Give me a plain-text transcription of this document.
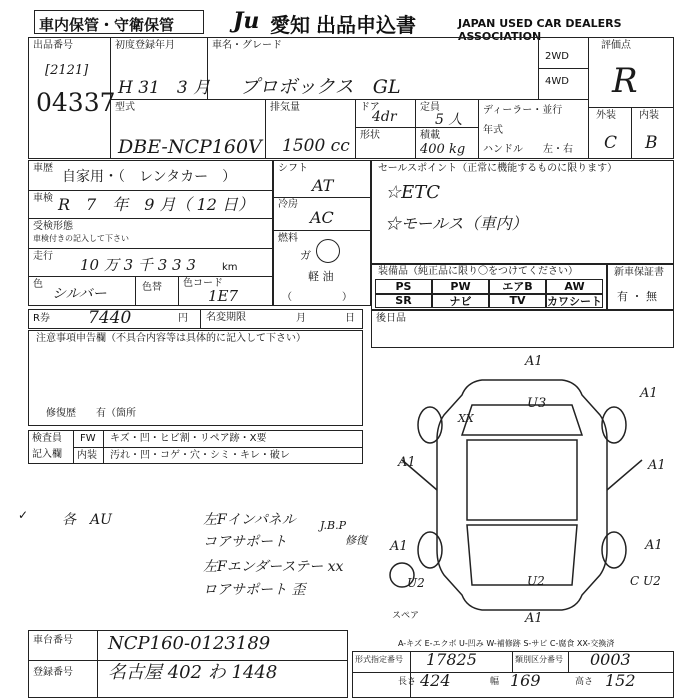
車内保管・守衛保管	Ju 愛知 出品申込書	JAPAN USED CAR DEALERS ASSOCIATION
出品番号
[2121]
04337
初度登録年月
H 31　3 月
車名・グレード
プロボックス　GL
2WD
4WD
型式
DBE-NCP160V
排気量
1500 cc
ドア
4dr
形状
定員
5 人
積載
400 kg
ディーラー・並行
年式
ハンドル 左・右
評価点
R
外装 内装
C B
車歴
自家用・（　レンタカー　）
車検 R　7　年　9 月（ 12 日）
受検形態
車検付きの記入して下さい
走行 10 万 3 千 3 3 3	km
色
シルバー	色替 色コード
1E7
シフト
AT
冷房
AC
燃料
ガ
軽 油
（　　　　　）
セールスポイント（正常に機能するものに限ります）
☆ETC
☆モールス（車内）
装備品（純正品に限り〇をつけてください）
PS	PW	エアB	AW
SR	ナビ	TV	カワシート
新車保証書
有 ・ 無
R券 7440	円 名変期限	月	日 後日品
注意事項申告欄（不具合内容等は具体的に記入して下さい）
修復歴　　有（箇所
検査員
記入欄
FW キズ・凹・ヒビ割・リペア跡・X要
内装 汚れ・凹・コゲ・穴・シミ・キレ・破レ
各　AU	左Fインパネル
コアサポート
J.B.P
修復
左Fエンダーステー xx
ロアサポート 歪
✓
A1
U3
XX
A1
A1	A1
A1	A1
U2	U2	C U2
A1
スペア
A-キズ E-エクボ U-凹み W-補修跡 S-サビ C-腐食 XX-交換済
車台番号 NCP160-0123189
登録番号 名古屋 402 わ 1448
形式指定番号 17825	類別区分番号 0003
長さ 424	幅 169	高さ 152
